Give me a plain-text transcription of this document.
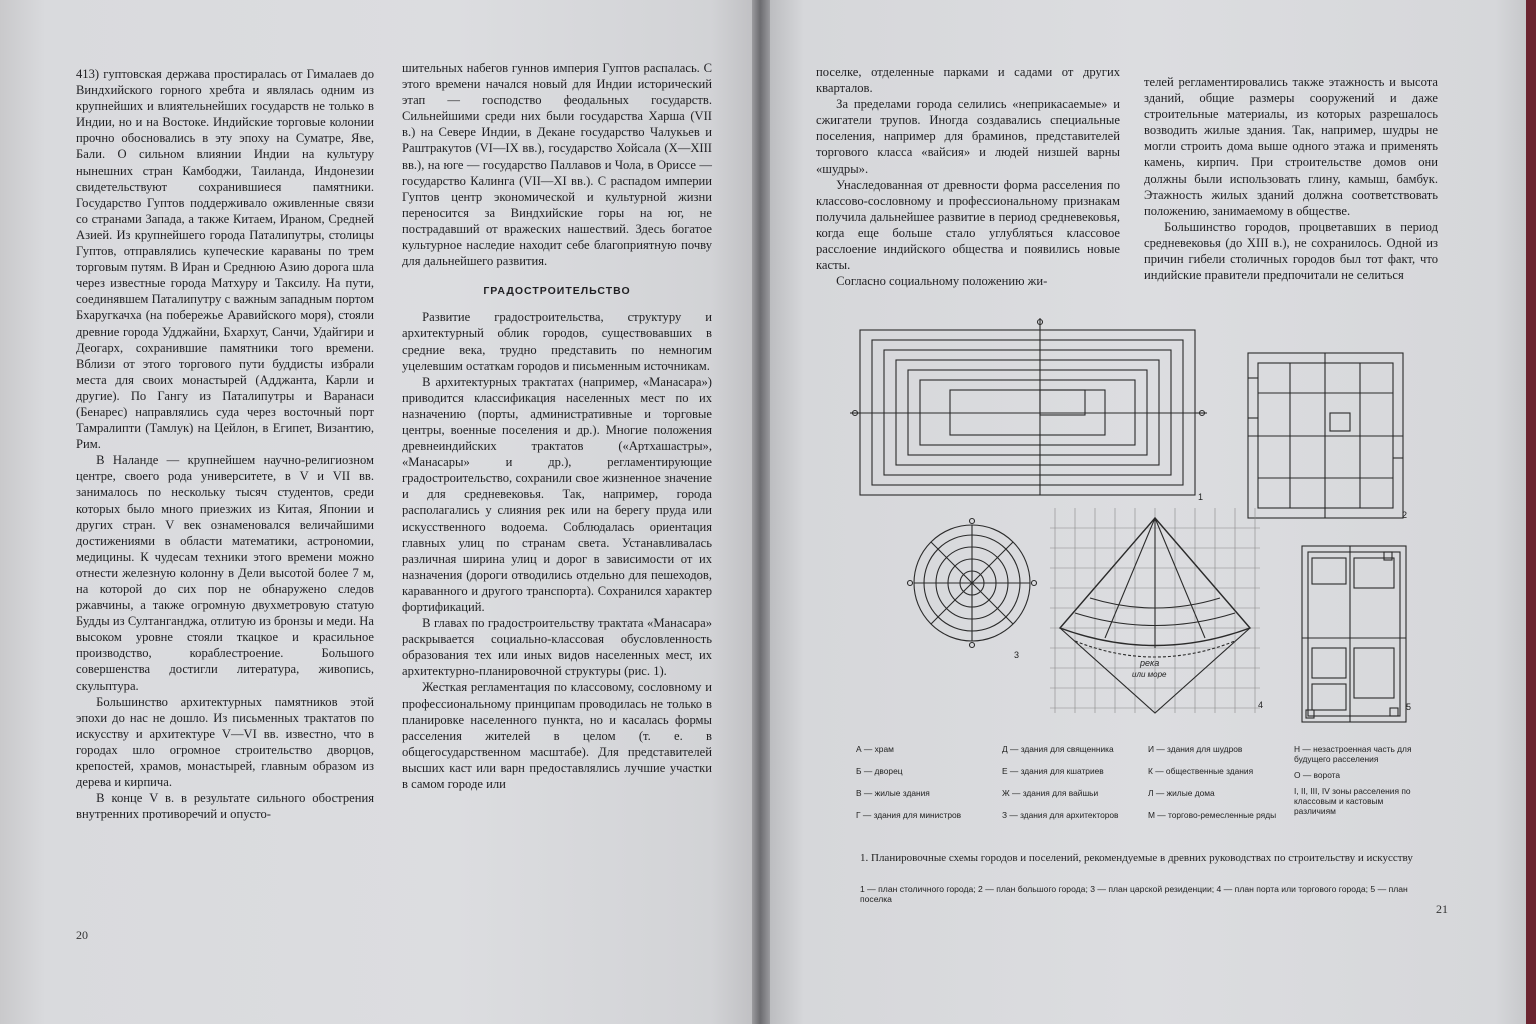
413) гуптовская держава простиралась от Гималаев до Виндхийского горного хребта и являлась одним из крупнейших и влиятельнейших государств не только в Индии, но и на Востоке. Индийские торговые колонии прочно обосновались в эту эпоху на Суматре, Яве, Бали. О сильном влиянии Индии на культуру нынешних стран Камбоджи, Таиланда, Индонезии свидетельствуют сохранившиеся памятники. Государство Гуптов поддерживало оживленные связи со странами Запада, а также Китаем, Ираном, Средней Азией. Из крупнейшего города Паталипутры, столицы Гуптов, отправлялись купеческие караваны по трем торговым путям. В Иран и Среднюю Азию дорога шла через известные города Матхуру и Таксилу. На пути, соединявшем Паталипутру с важным западным портом Бхаругкачха (на побережье Аравийского моря), стояли древние города Удджайни, Бхархут, Санчи, Удайгири и Деогарх, сохранившие памятники того времени. Вблизи от этого торгового пути буддисты избрали места для своих монастырей (Адджанта, Карли и другие). По Гангу из Паталипутры и Варанаси (Бенарес) направлялись суда через восточный порт Тамралипти (Тамлук) на Цейлон, в Египет, Византию, Рим.

В Наланде — крупнейшем научно-религиозном центре, своего рода университете, в V и VII вв. занималось по нескольку тысяч студентов, среди которых было много приезжих из Китая, Японии и других стран. V век ознаменовался величайшими достижениями в области математики, астрономии, медицины. К чудесам техники этого времени можно отнести железную колонну в Дели высотой более 7 м, на которой до сих пор не обнаружено следов ржавчины, а также огромную двухметровую статую Будды из Султанганджа, отлитую из бронзы и меди. На высоком уровне стояли ткацкое и красильное производство, кораблестроение. Большого совершенства достигли литература, живопись, скульптура.

Большинство архитектурных памятников этой эпохи до нас не дошло. Из письменных трактатов по искусству и архитектуре V—VI вв. известно, что в городах шло огромное строительство дворцов, крепостей, храмов, монастырей, главным образом из дерева и кирпича.

В конце V в. в результате сильного обострения внутренних противоречий и опусто-

шительных набегов гуннов империя Гуптов распалась. С этого времени начался новый для Индии исторический этап — господство феодальных государств. Сильнейшими среди них были государства Харша (VII в.) на Севере Индии, в Декане государство Чалукьев и Раштракутов (VI—IX вв.), государство Хойсала (X—XIII вв.), на юге — государство Паллавов и Чола, в Ориссе — государство Калинга (VII—XI вв.). С распадом империи Гуптов центр экономической и культурной жизни переносится за Виндхийские горы на юг, не пострадавший от вражеских нашествий. Здесь богатое культурное наследие находит себе благоприятную почву для дальнейшего развития.

ГРАДОСТРОИТЕЛЬСТВО

Развитие градостроительства, структуру и архитектурный облик городов, существовавших в средние века, трудно представить по немногим уцелевшим остаткам городов и письменным источникам.

В архитектурных трактатах (например, «Манасара») приводится классификация населенных мест по их назначению (порты, административные и торговые центры, военные поселения и др.). Многие положения древнеиндийских трактатов («Артхашастры», «Манасары» и др.), регламентирующие градостроительство, сохранили свое жизненное значение и для средневековья. Так, например, города располагались у слияния рек или на берегу пруда или искусственного водоема. Соблюдалась ориентация главных улиц по странам света. Устанавливалась различная ширина улиц и дорог в зависимости от их назначения (дороги отводились отдельно для пешеходов, караванного и другого транспорта). Сохранился характер фортификаций.

В главах по градостроительству трактата «Манасара» раскрывается социально-классовая обусловленность образования тех или иных видов населенных мест, их архитектурно-планировочной структуры (рис. 1).

Жесткая регламентация по классовому, сословному и профессиональному принципам проводилась не только в планировке населенного пункта, но и касалась формы расселения жителей в целом (т. е. в общегосударственном масштабе). Для представителей высших каст или варн предоставлялись лучшие участки в самом городе или

20

поселке, отделенные парками и садами от других кварталов.

За пределами города селились «неприкасаемые» и сжигатели трупов. Иногда создавались специальные поселения, например для браминов, представителей торгового класса «вайсия» и людей низшей варны «шудры».

Унаследованная от древности форма расселения по классово-сословному и профессиональному признакам получила дальнейшее развитие в период средневековья, когда еще больше стало углубляться классовое расслоение индийского общества и появились новые касты.

Согласно социальному положению жи-

телей регламентировались также этажность и высота зданий, общие размеры сооружений и даже строительные материалы, из которых разрешалось возводить жилые здания. Так, например, шудры не могли строить дома выше одного этажа и применять камень, кирпич. При строительстве домов они должны были использовать глину, камыш, бамбук. Этажность жилых зданий должна соответствовать положению, занимаемому в обществе.

Большинство городов, процветавших в период средневековья (до XIII в.), не сохранилось. Одной из причин гибели столичных городов был тот факт, что индийские правители предпочитали не селиться

1
2
3
4	5
река
или море
А — храм
Б — дворец
В — жилые здания
Г — здания для министров
Д — здания для священника
Е — здания для кшатриев
Ж — здания для вайшьи
З — здания для архитекторов
И — здания для шудров
К — общественные здания
Л — жилые дома
М — торгово-ремесленные ряды
Н — незастроенная часть для будущего расселения
О — ворота
I, II, III, IV зоны расселения по классовым и кастовым различиям
1. Планировочные схемы городов и поселений, рекомендуемые в древних руководствах по строительству и искусству
1 — план столичного города; 2 — план большого города; 3 — план царской резиденции; 4 — план порта или торгового города; 5 — план поселка
21
